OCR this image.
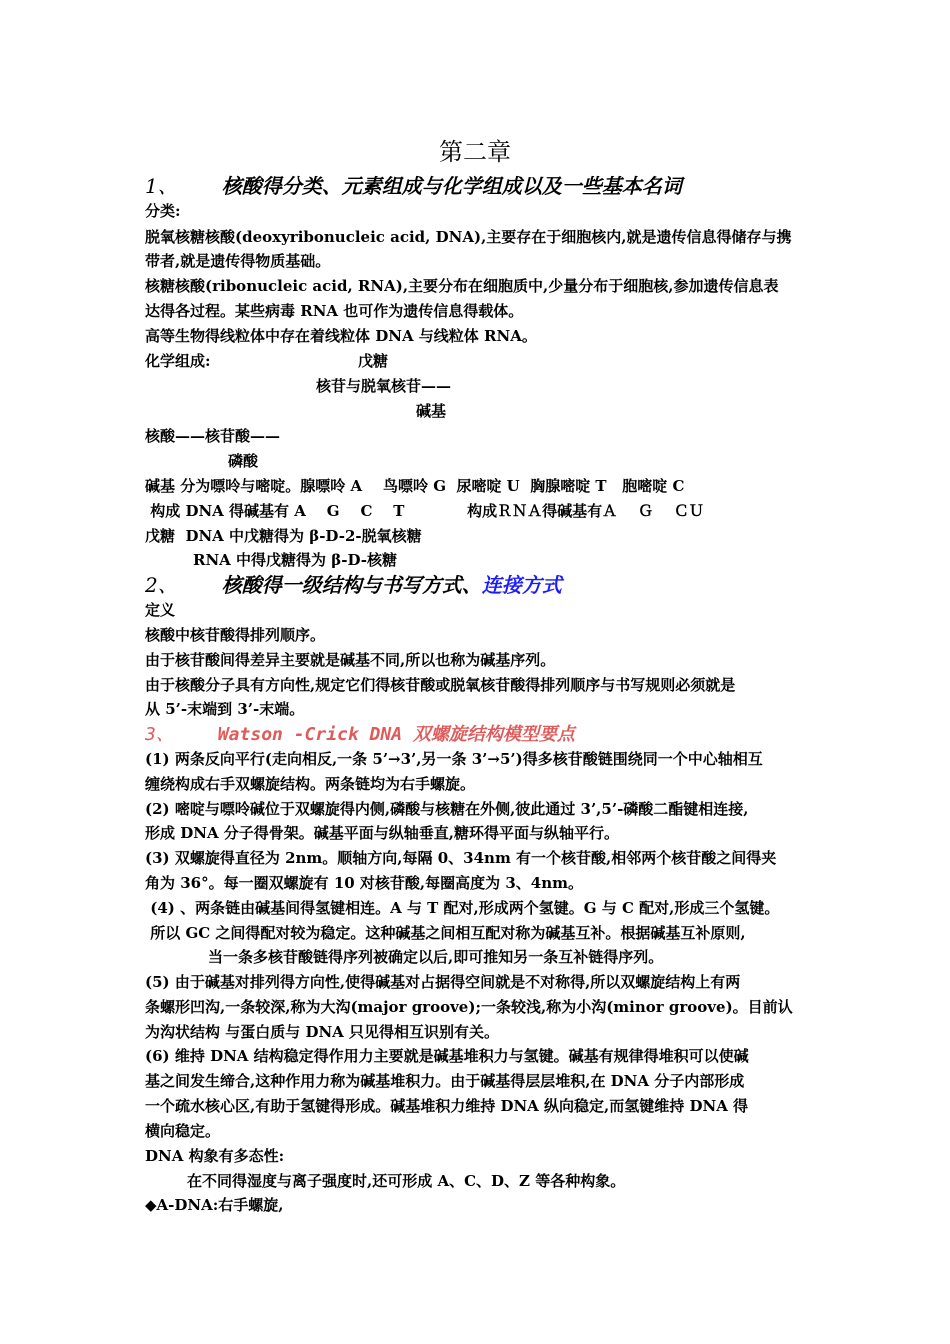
第二章
1、 核酸得分类、元素组成与化学组成以及一些基本名词
分类:
脱氧核糖核酸(deoxyribonucleic acid, DNA),主要存在于细胞核内,就是遗传信息得储存与携
带者,就是遗传得物质基础。
核糖核酸(ribonucleic acid, RNA),主要分布在细胞质中,少量分布于细胞核,参加遗传信息表
达得各过程。某些病毒 RNA 也可作为遗传信息得载体。
高等生物得线粒体中存在着线粒体 DNA 与线粒体 RNA。
化学组成:	戊糖
核苷与脱氧核苷——
碱基
核酸——核苷酸——
磷酸
碱基 分为嘌呤与嘧啶。腺嘌呤 A    鸟嘌呤 G  尿嘧啶 U  胸腺嘧啶 T   胞嘧啶 C
构成 DNA 得碱基有 A    G    C    T            构成ＲＮＡ得碱基有Ａ    Ｇ    ＣＵ
戊糖  DNA 中戊糖得为 β-D-2-脱氧核糖
RNA 中得戊糖得为 β-D-核糖
2、 核酸得一级结构与书写方式、连接方式
定义
核酸中核苷酸得排列顺序。
由于核苷酸间得差异主要就是碱基不同,所以也称为碱基序列。
由于核酸分子具有方向性,规定它们得核苷酸或脱氧核苷酸得排列顺序与书写规则必须就是
从 5’-末端到 3’-末端。
3、 Watson -Crick DNA 双螺旋结构模型要点
(1) 两条反向平行(走向相反,一条 5’→3’,另一条 3’→5’)得多核苷酸链围绕同一个中心轴相互
缠绕构成右手双螺旋结构。两条链均为右手螺旋。
(2) 嘧啶与嘌呤碱位于双螺旋得内侧,磷酸与核糖在外侧,彼此通过 3’,5’-磷酸二酯键相连接,
形成 DNA 分子得骨架。碱基平面与纵轴垂直,糖环得平面与纵轴平行。
(3) 双螺旋得直径为 2nm。顺轴方向,每隔 0、34nm 有一个核苷酸,相邻两个核苷酸之间得夹
角为 36°。每一圈双螺旋有 10 对核苷酸,每圈高度为 3、4nm。
(4) 、两条链由碱基间得氢键相连。A 与 T 配对,形成两个氢键。G 与 C 配对,形成三个氢键。
所以 GC 之间得配对较为稳定。这种碱基之间相互配对称为碱基互补。根据碱基互补原则,
当一条多核苷酸链得序列被确定以后,即可推知另一条互补链得序列。
(5) 由于碱基对排列得方向性,使得碱基对占据得空间就是不对称得,所以双螺旋结构上有两
条螺形凹沟,一条较深,称为大沟(major groove);一条较浅,称为小沟(minor groove)。目前认
为沟状结构 与蛋白质与 DNA 只见得相互识别有关。
(6) 维持 DNA 结构稳定得作用力主要就是碱基堆积力与氢键。碱基有规律得堆积可以使碱
基之间发生缔合,这种作用力称为碱基堆积力。由于碱基得层层堆积,在 DNA 分子内部形成
一个疏水核心区,有助于氢键得形成。碱基堆积力维持 DNA 纵向稳定,而氢键维持 DNA 得
横向稳定。
DNA 构象有多态性:
在不同得湿度与离子强度时,还可形成 A、C、D、Z 等各种构象。
◆A-DNA:右手螺旋,
